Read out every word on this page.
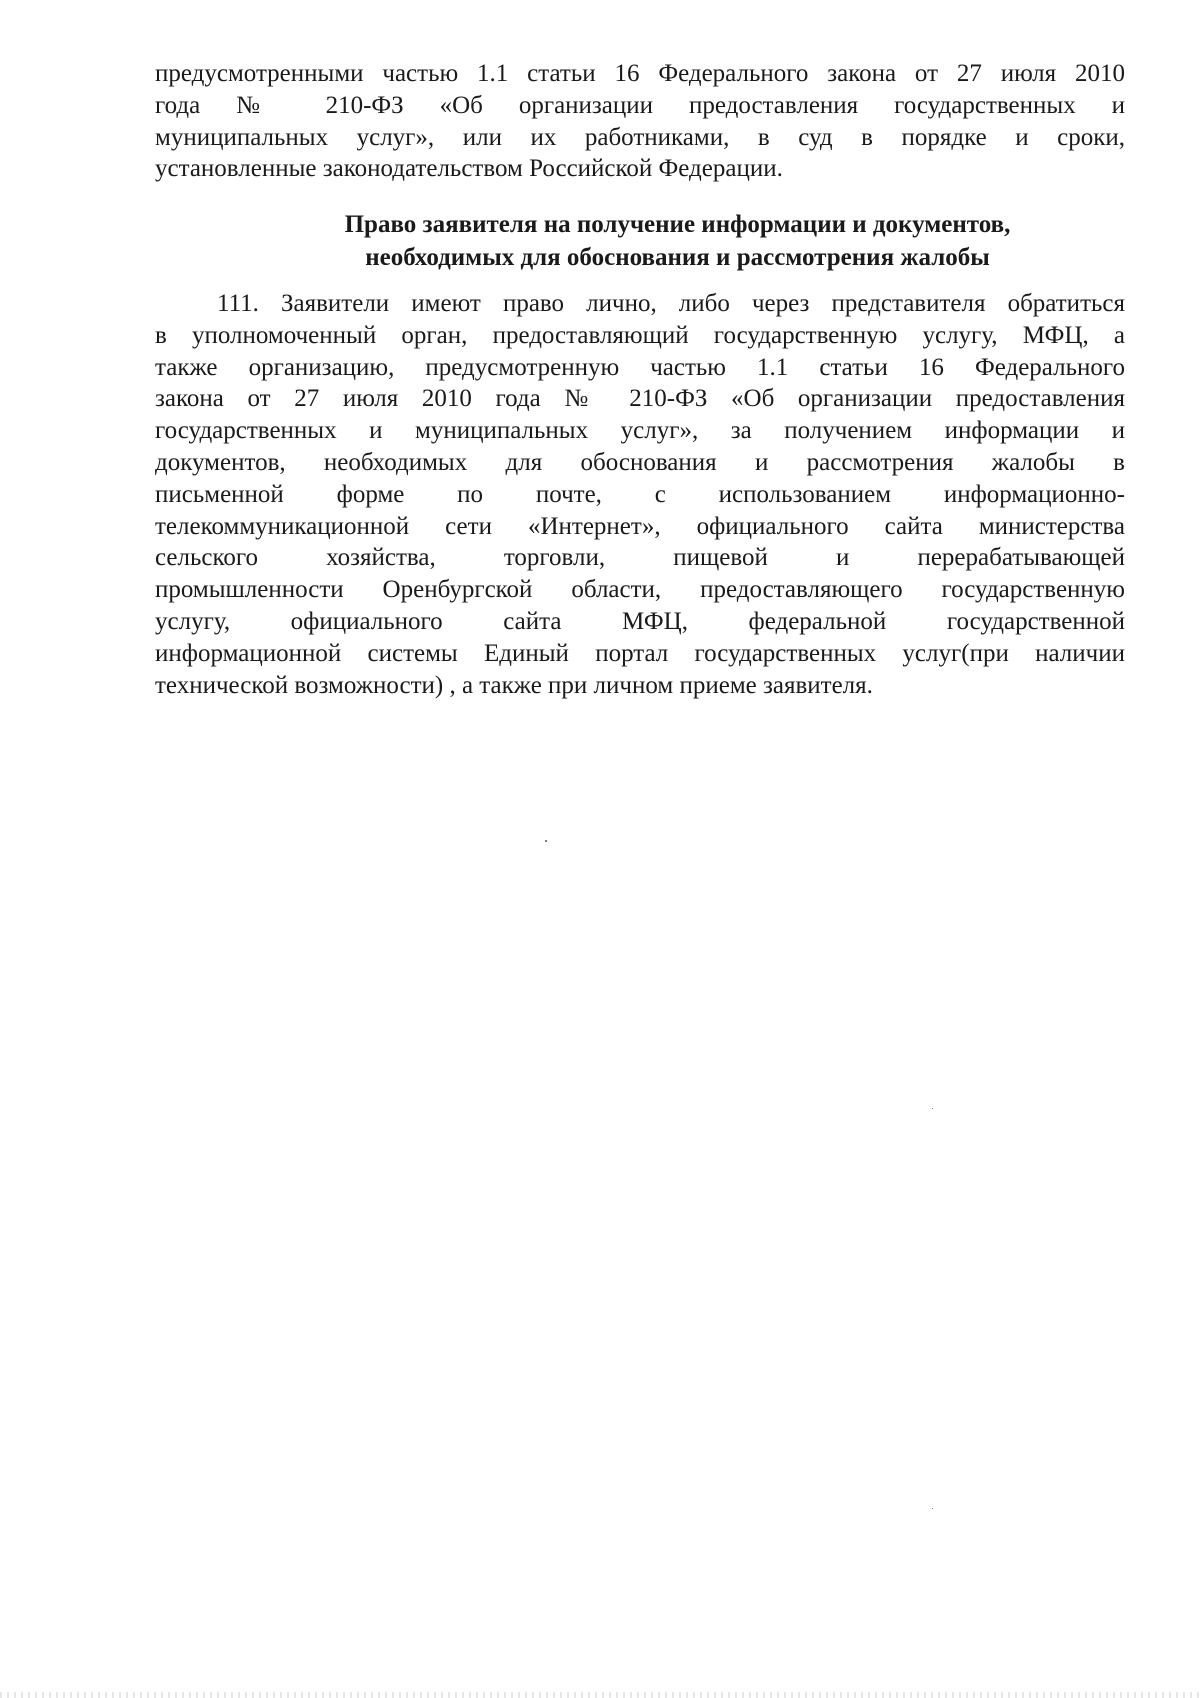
предусмотренными частью 1.1 статьи 16 Федерального закона от 27 июля 2010
года № 210-ФЗ «Об организации предоставления государственных и
муниципальных услуг», или их работниками, в суд в порядке и сроки,
установленные законодательством Российской Федерации.
Право заявителя на получение информации и документов,
необходимых для обоснования и рассмотрения жалобы
111. Заявители имеют право лично, либо через представителя обратиться
в уполномоченный орган, предоставляющий государственную услугу, МФЦ, а
также организацию, предусмотренную частью 1.1 статьи 16 Федерального
закона от 27 июля 2010 года № 210-ФЗ «Об организации предоставления
государственных и муниципальных услуг», за получением информации и
документов, необходимых для обоснования и рассмотрения жалобы в
письменной форме по почте, с использованием информационно-
телекоммуникационной сети «Интернет», официального сайта министерства
сельского хозяйства, торговли, пищевой и перерабатывающей
промышленности Оренбургской области, предоставляющего государственную
услугу, официального сайта МФЦ, федеральной государственной
информационной системы Единый портал государственных услуг(при наличии
технической возможности) , а также при личном приеме заявителя.
